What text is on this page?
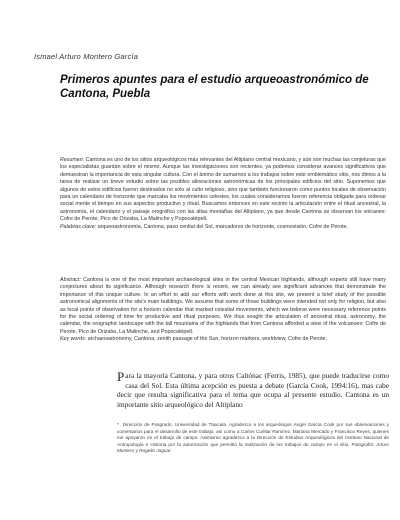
Ismael Arturo Montero García
Primeros apuntes para el estudio arqueoastronómico de Cantona, Puebla
Resumen: Cantona es uno de los sitios arqueológicos más relevantes del Altiplano central mexicano, y aún son muchas las conjeturas que los especialistas guardan sobre el mismo. Aunque las investigaciones son recientes, ya podemos considerar avances significativos que demuestran la importancia de esta singular cultura. Con el ánimo de sumarnos a los trabajos sobre este emblemático sitio, nos dimos a la tarea de realizar un breve estudio sobre las posibles alineaciones astronómicas de los principales edificios del sitio. Suponemos que algunos de estos edificios fueron destinados no sólo al culto religioso, sino que también funcionaron como puntos locales de observación para un calendario de horizonte que marcaba los movimientos celestes, los cuales consideramos fueron referencia obligada para ordenar social mente el tiempo en sus aspectos productivo y ritual. Buscamos entonces en este recinto la articulación entre el ritual ancestral, la astronomía, el calendario y el paisaje orográfico con las altas montañas del Altiplano, ya que desde Cantona se observan los volcanes: Cofre de Perote, Pico de Orizaba, La Malinche y Popocatépetl.
Palabras clave: arqueoastronomía, Cantona, paso cenital del Sol, marcadores de horizonte, cosmovisión, Cofre de Perote.
Abstract: Cantona is one of the most important archaeological sites in the central Mexican highlands, although experts still have many conjectures about its significance. Although research there is recent, we can already see significant advances that demonstrate the importance of this unique culture. In an effort to add our efforts with work done at this site, we present a brief study of the possible astronomical alignments of the site's main buildings. We assume that some of those buildings were intended not only for religion, but also as local points of observation for a horizon calendar that marked celestial movements, which we believe were necessary reference points for the social ordering of time for productive and ritual purposes. We thus sought the articulation of ancestral ritual, astronomy, the calendar, the orographic landscape with the tall mountains of the highlands that from Cantona afforded a view of the volcanoes: Cofre de Perote, Pico de Orizaba, La Malinche, and Popocatépetl.
Key words: archaeoastronomy, Cantona, zenith passage of the Sun, horizon markers, worldview, Cofre de Perote.
P ara la mayoría Cantona, y para otros Caltónac (Ferris, 1985), que puede traducirse como casa del Sol. Esta última acepción es puesta a debate (García Cook, 1994:16), mas cabe decir que resulta significativa para el tema que ocupa al presente estudio. Cantona es un importante sitio arqueológico del Altiplano
* Dirección de Posgrado, Universidad de Tlaxcala. Agradezco a los arqueólogos Ángel García Cook por sus observaciones y comentarios para el desarrollo de este trabajo, así como a Carlos Cuéllar Ramírez, Mariana Mercado y Francisco Reyes, quienes me apoyaron en el trabajo de campo. Asimismo agradezco a la Dirección de Estudios Arqueológicos del Instituto Nacional de Antropología e Historia por la autorización que permitió la realización de los trabajos de campo en el sitio. Fotografía: Arturo Montero y Rogelio Jaguar.
